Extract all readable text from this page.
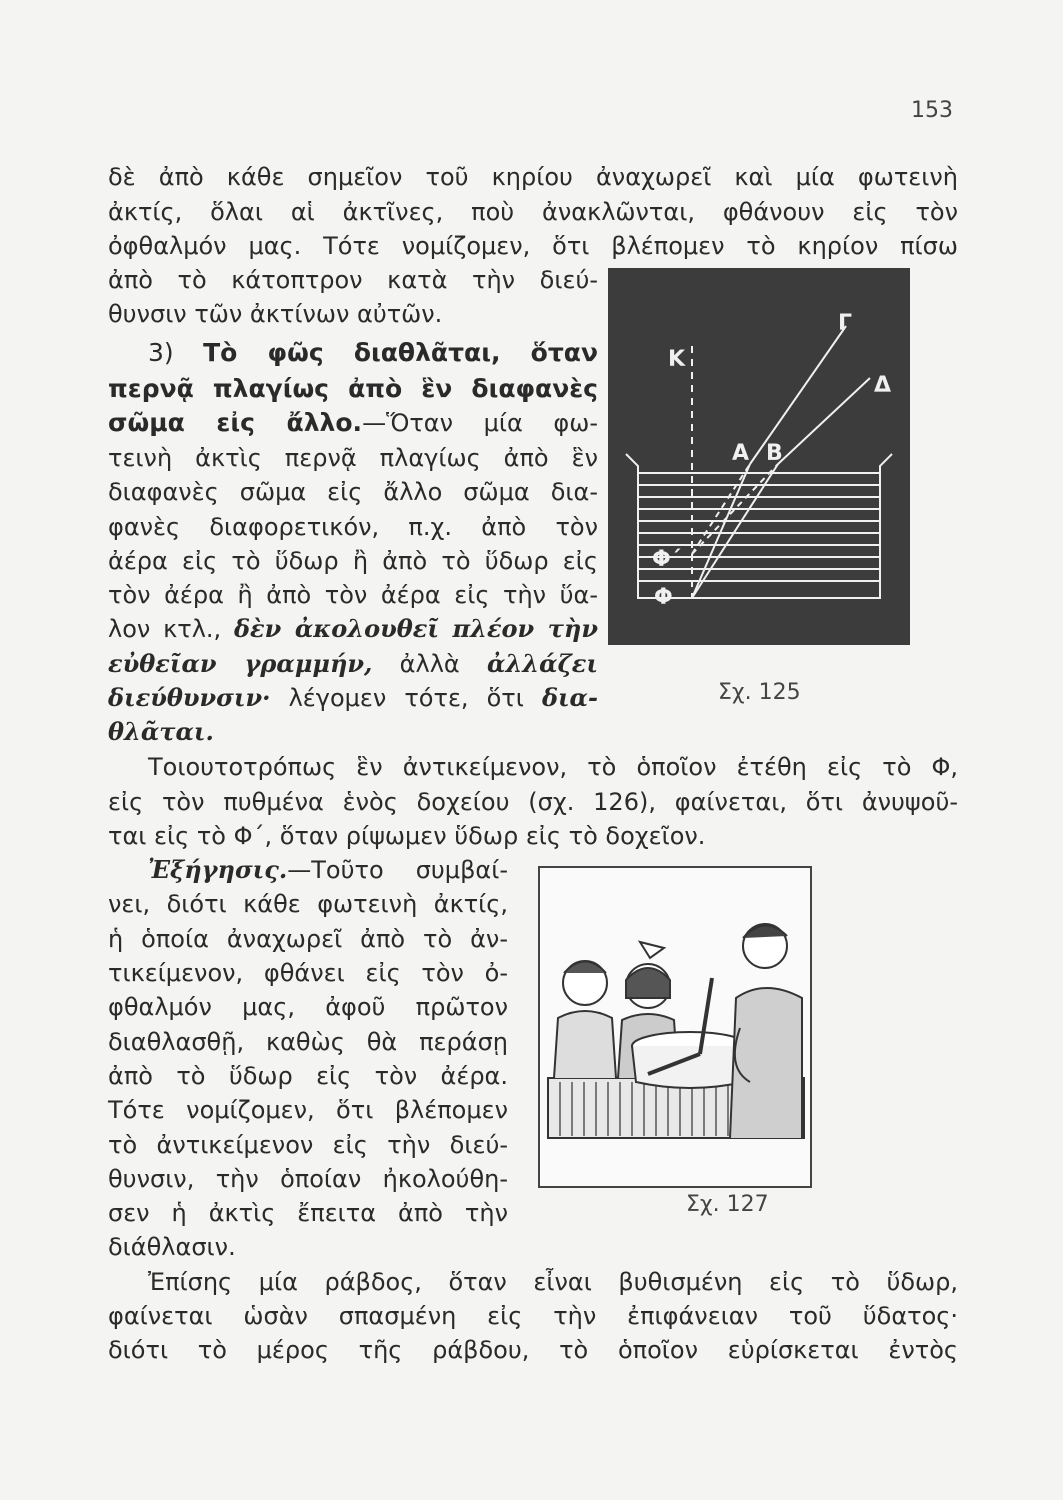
153
δὲ ἀπὸ κάθε σημεῖον τοῦ κηρίου ἀναχωρεῖ καὶ μία φωτεινὴ
ἀκτίς, ὅλαι αἱ ἀκτῖνες, ποὺ ἀνακλῶνται, φθάνουν εἰς τὸν
ὀφθαλμόν μας. Τότε νομίζομεν, ὅτι βλέπομεν τὸ κηρίον πίσω
ἀπὸ τὸ κάτοπτρον κατὰ τὴν διεύ-
θυνσιν τῶν ἀκτίνων αὐτῶν.
3) Τὸ φῶς διαθλᾶται, ὅταν
περνᾷ πλαγίως ἀπὸ ἓν διαφανὲς
σῶμα εἰς ἄλλο.—Ὅταν μία φω-
τεινὴ ἀκτὶς περνᾷ πλαγίως ἀπὸ ἓν
διαφανὲς σῶμα εἰς ἄλλο σῶμα δια-
φανὲς διαφορετικόν, π.χ. ἀπὸ τὸν
ἀέρα εἰς τὸ ὕδωρ ἢ ἀπὸ τὸ ὕδωρ εἰς
τὸν ἀέρα ἢ ἀπὸ τὸν ἀέρα εἰς τὴν ὕα-
λον κτλ., δὲν ἀκολουθεῖ πλέον τὴν
εὐθεῖαν γραμμήν, ἀλλὰ ἀλλάζει
διεύθυνσιν· λέγομεν τότε, ὅτι δια-
θλᾶται.
Τοιουτοτρόπως ἓν ἀντικείμενον, τὸ ὁποῖον ἐτέθη εἰς τὸ Φ,
εἰς τὸν πυθμένα ἑνὸς δοχείου (σχ. 126), φαίνεται, ὅτι ἀνυψοῦ-
ται εἰς τὸ Φ΄, ὅταν ρίψωμεν ὕδωρ εἰς τὸ δοχεῖον.
Ἐξήγησις.—Τοῦτο συμβαί-
νει, διότι κάθε φωτεινὴ ἀκτίς,
ἡ ὁποία ἀναχωρεῖ ἀπὸ τὸ ἀν-
τικείμενον, φθάνει εἰς τὸν ὀ-
φθαλμόν μας, ἀφοῦ πρῶτον
διαθλασθῇ, καθὼς θὰ περάσῃ
ἀπὸ τὸ ὕδωρ εἰς τὸν ἀέρα.
Τότε νομίζομεν, ὅτι βλέπομεν
τὸ ἀντικείμενον εἰς τὴν διεύ-
θυνσιν, τὴν ὁποίαν ἠκολούθη-
σεν ἡ ἀκτὶς ἔπειτα ἀπὸ τὴν
διάθλασιν.
Ἐπίσης μία ράβδος, ὅταν εἶναι βυθισμένη εἰς τὸ ὕδωρ,
φαίνεται ὡσὰν σπασμένη εἰς τὴν ἐπιφάνειαν τοῦ ὕδατος·
διότι τὸ μέρος τῆς ράβδου, τὸ ὁποῖον εὑρίσκεται ἐντὸς
Κ
Γ
Δ
Α Β
Φ΄
Φ
Σχ. 125
Σχ. 127
